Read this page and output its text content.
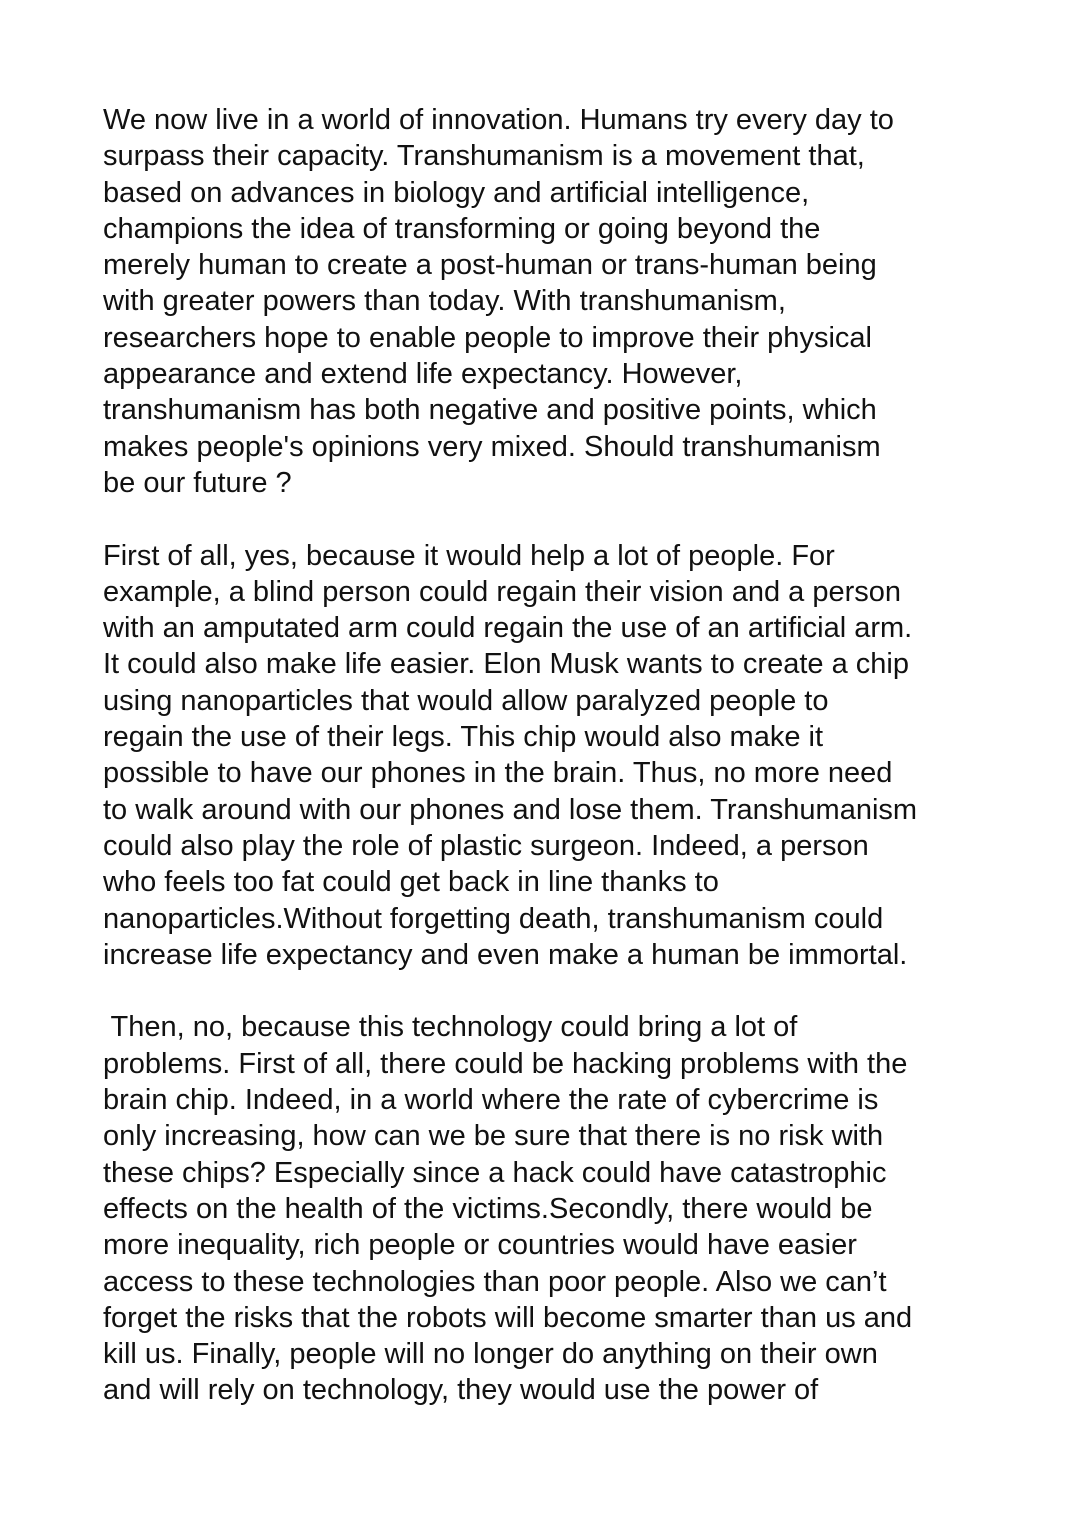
We now live in a world of innovation. Humans try every day to
surpass their capacity. Transhumanism is a movement that,
based on advances in biology and artificial intelligence,
champions the idea of transforming or going beyond the
merely human to create a post-human or trans-human being
with greater powers than today. With transhumanism,
researchers hope to enable people to improve their physical
appearance and extend life expectancy. However,
transhumanism has both negative and positive points, which
makes people's opinions very mixed. Should transhumanism
be our future ?

First of all, yes, because it would help a lot of people. For
example, a blind person could regain their vision and a person
with an amputated arm could regain the use of an artificial arm.
It could also make life easier. Elon Musk wants to create a chip
using nanoparticles that would allow paralyzed people to
regain the use of their legs. This chip would also make it
possible to have our phones in the brain. Thus, no more need
to walk around with our phones and lose them. Transhumanism
could also play the role of plastic surgeon. Indeed, a person
who feels too fat could get back in line thanks to
nanoparticles.Without forgetting death, transhumanism could
increase life expectancy and even make a human be immortal.

Then, no, because this technology could bring a lot of
problems. First of all, there could be hacking problems with the
brain chip. Indeed, in a world where the rate of cybercrime is
only increasing, how can we be sure that there is no risk with
these chips? Especially since a hack could have catastrophic
effects on the health of the victims.Secondly, there would be
more inequality, rich people or countries would have easier
access to these technologies than poor people. Also we can’t
forget the risks that the robots will become smarter than us and
kill us. Finally, people will no longer do anything on their own
and will rely on technology, they would use the power of
